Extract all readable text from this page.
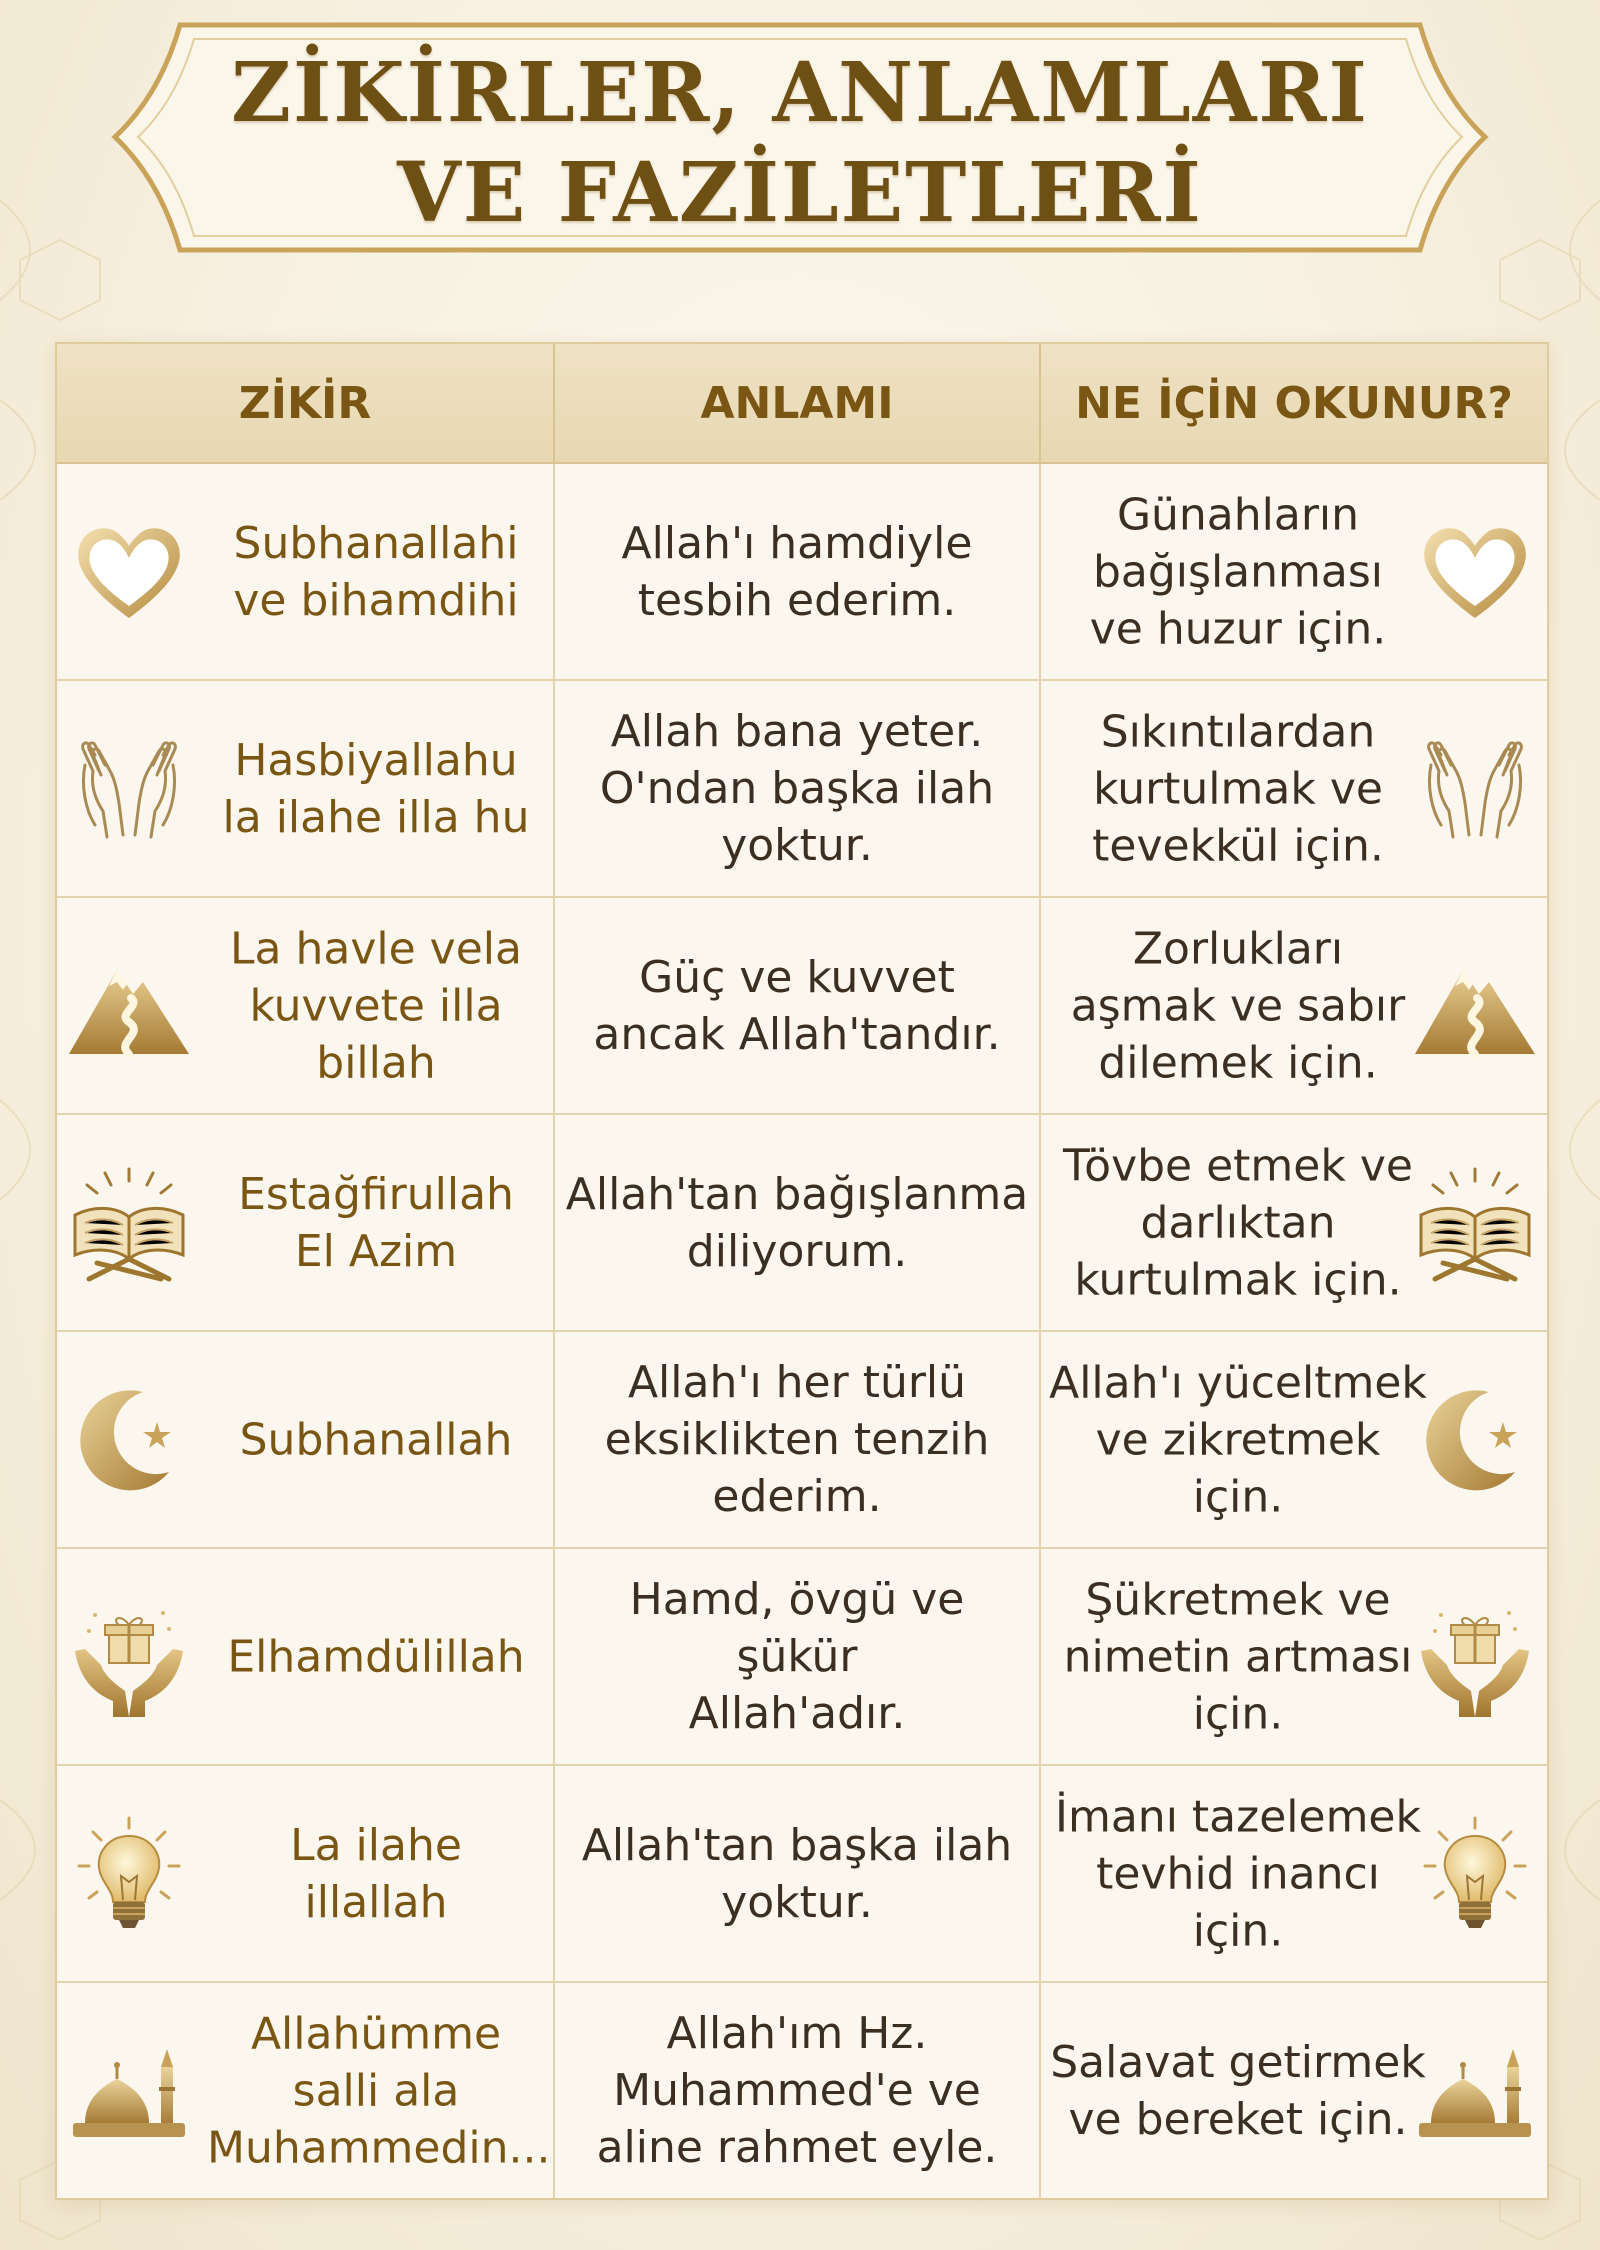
ZİKİRLER, ANLAMLARI
VE FAZİLETLERİ
ZİKİR	ANLAMI	NE İÇİN OKUNUR?
Subhanallahi
ve bihamdihi
Allah'ı hamdiyle
tesbih ederim.
Günahların
bağışlanması
ve huzur için.
Hasbiyallahu
la ilahe illa hu
Allah bana yeter.
O'ndan başka ilah
yoktur.
Sıkıntılardan
kurtulmak ve
tevekkül için.
La havle vela
kuvvete illa
billah
Güç ve kuvvet
ancak Allah'tandır.
Zorlukları
aşmak ve sabır
dilemek için.
Estağfirullah
El Azim
Allah'tan bağışlanma
diliyorum.
Tövbe etmek ve
darlıktan
kurtulmak için.
Subhanallah
Allah'ı her türlü
eksiklikten tenzih
ederim.
Allah'ı yüceltmek
ve zikretmek için.
Elhamdülillah
Hamd, övgü ve şükür
Allah'adır.
Şükretmek ve
nimetin artması
için.
La ilahe
illallah
Allah'tan başka ilah
yoktur.
İmanı tazelemek
tevhid inancı için.
Allahümme
salli ala
Muhammedin...
Allah'ım Hz.
Muhammed'e ve
aline rahmet eyle.
Salavat getirmek
ve bereket için.
